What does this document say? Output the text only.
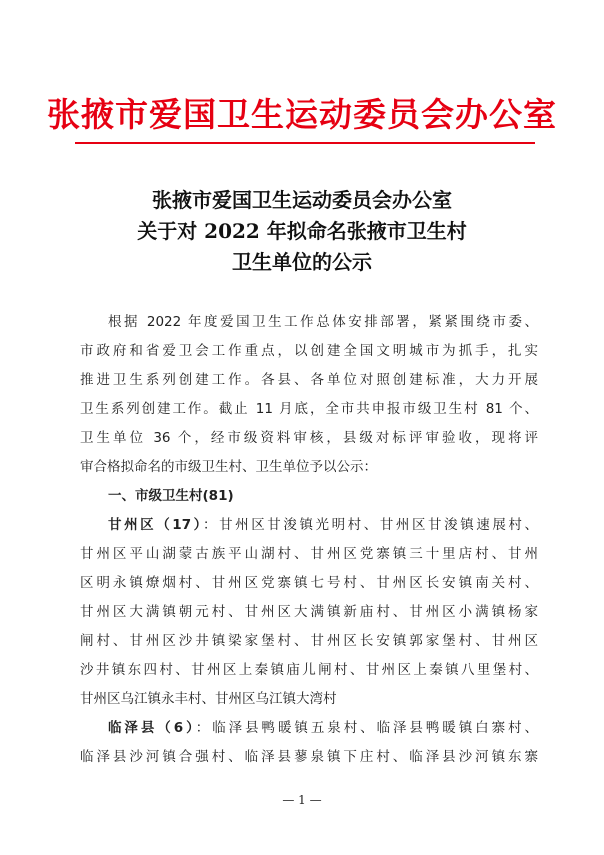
张掖市爱国卫生运动委员会办公室
张掖市爱国卫生运动委员会办公室
关于对 2022 年拟命名张掖市卫生村
卫生单位的公示
根据 2022 年度爱国卫生工作总体安排部署，紧紧围绕市委、
市政府和省爱卫会工作重点，以创建全国文明城市为抓手，扎实
推进卫生系列创建工作。各县、各单位对照创建标准，大力开展
卫生系列创建工作。截止 11 月底，全市共申报市级卫生村 81 个、
卫生单位 36 个，经市级资料审核，县级对标评审验收，现将评
审合格拟命名的市级卫生村、卫生单位予以公示：
一、市级卫生村(81)
甘州区（17）：甘州区甘浚镇光明村、甘州区甘浚镇速展村、
甘州区平山湖蒙古族平山湖村、甘州区党寨镇三十里店村、甘州
区明永镇燎烟村、甘州区党寨镇七号村、甘州区长安镇南关村、
甘州区大满镇朝元村、甘州区大满镇新庙村、甘州区小满镇杨家
闸村、甘州区沙井镇梁家堡村、甘州区长安镇郭家堡村、甘州区
沙井镇东四村、甘州区上秦镇庙儿闸村、甘州区上秦镇八里堡村、
甘州区乌江镇永丰村、甘州区乌江镇大湾村
临泽县（6）：临泽县鸭暖镇五泉村、临泽县鸭暖镇白寨村、
临泽县沙河镇合强村、临泽县蓼泉镇下庄村、临泽县沙河镇东寨
— 1 —
